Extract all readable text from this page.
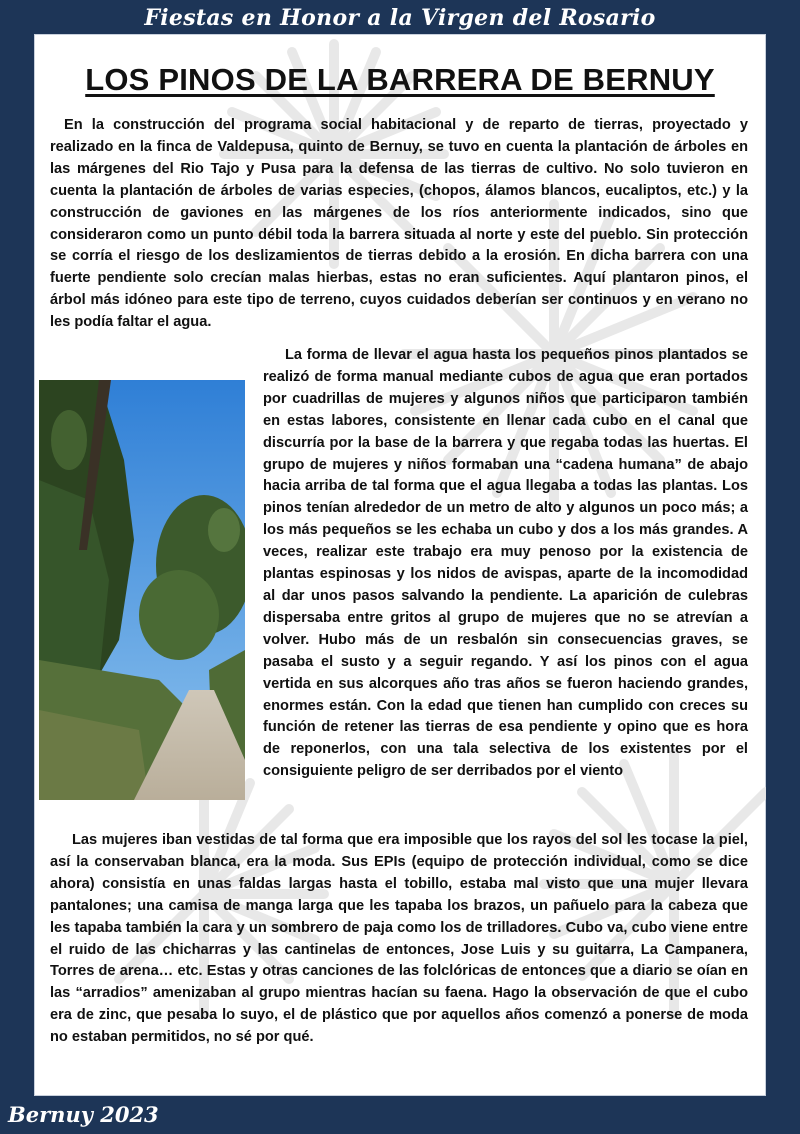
Fiestas en Honor a la Virgen del Rosario
LOS PINOS DE LA BARRERA DE BERNUY

En la construcción del programa social habitacional y de reparto de tierras, proyectado y realizado en la finca de Valdepusa, quinto de Bernuy, se tuvo en cuenta la plantación de árboles en las márgenes del Rio Tajo y Pusa para la defensa de las tierras de cultivo. No solo tuvieron en cuenta la plantación de árboles de varias especies, (chopos, álamos blancos, eucaliptos, etc.) y la construcción de gaviones en las márgenes de los ríos anteriormente indicados, sino que consideraron como un punto débil toda la barrera situada al norte y este del pueblo. Sin protección se corría el riesgo de los deslizamientos de tierras debido a la erosión. En dicha barrera con una fuerte pendiente solo crecían malas hierbas, estas no eran suficientes. Aquí plantaron pinos, el árbol más idóneo para este tipo de terreno, cuyos cuidados deberían ser continuos y en verano no les podía faltar el agua.

La forma de llevar el agua hasta los pequeños pinos plantados se realizó de forma manual mediante cubos de agua que eran portados por cuadrillas de mujeres y algunos niños que participaron también en estas labores, consistente en llenar cada cubo en el canal que discurría por la base de la barrera y que regaba todas las huertas. El grupo de mujeres y niños formaban una “cadena humana” de abajo hacia arriba de tal forma que el agua llegaba a todas las plantas. Los pinos tenían alrededor de un metro de alto y algunos un poco más; a los más pequeños se les echaba un cubo y dos a los más grandes. A veces, realizar este trabajo era muy penoso por la existencia de plantas espinosas y los nidos de avispas, aparte de la incomodidad al dar unos pasos salvando la pendiente. La aparición de culebras dispersaba entre gritos al grupo de mujeres que no se atrevían a volver. Hubo más de un resbalón sin consecuencias graves, se pasaba el susto y a seguir regando. Y así los pinos con el agua vertida en sus alcorques año tras años se fueron haciendo grandes, enormes están. Con la edad que tienen han cumplido con creces su función de retener las tierras de esa pendiente y opino que es hora de reponerlos, con una tala selectiva de los existentes por el consiguiente peligro de ser derribados por el viento

Las mujeres iban vestidas de tal forma que era imposible que los rayos del sol les tocase la piel, así la conservaban blanca, era la moda. Sus EPIs (equipo de protección individual, como se dice ahora) consistía en unas faldas largas hasta el tobillo, estaba mal visto que una mujer llevara pantalones; una camisa de manga larga que les tapaba los brazos, un pañuelo para la cabeza que les tapaba también la cara y un sombrero de paja como los de trilladores. Cubo va, cubo viene entre el ruido de las chicharras y las cantinelas de entonces, Jose Luis y su guitarra, La Campanera, Torres de arena… etc. Estas y otras canciones de las folclóricas de entonces que a diario se oían en las “arradios” amenizaban al grupo mientras hacían su faena. Hago la observación de que el cubo era de zinc, que pesaba lo suyo, el de plástico que por aquellos años comenzó a ponerse de moda no estaban permitidos, no sé por qué.

Bernuy 2023
